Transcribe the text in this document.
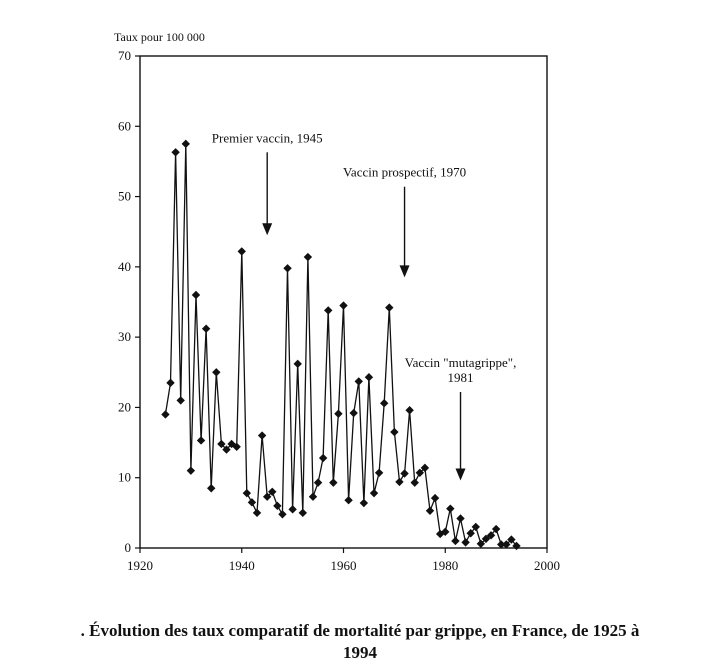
Taux pour 100 000
0
10
20
30
40
50
60
70
1920	1940	1960	1980	2000
Premier vaccin, 1945
Vaccin prospectif, 1970
Vaccin "mutagrippe",
1981
. Évolution des taux comparatif de mortalité par grippe, en France, de 1925 à
1994
